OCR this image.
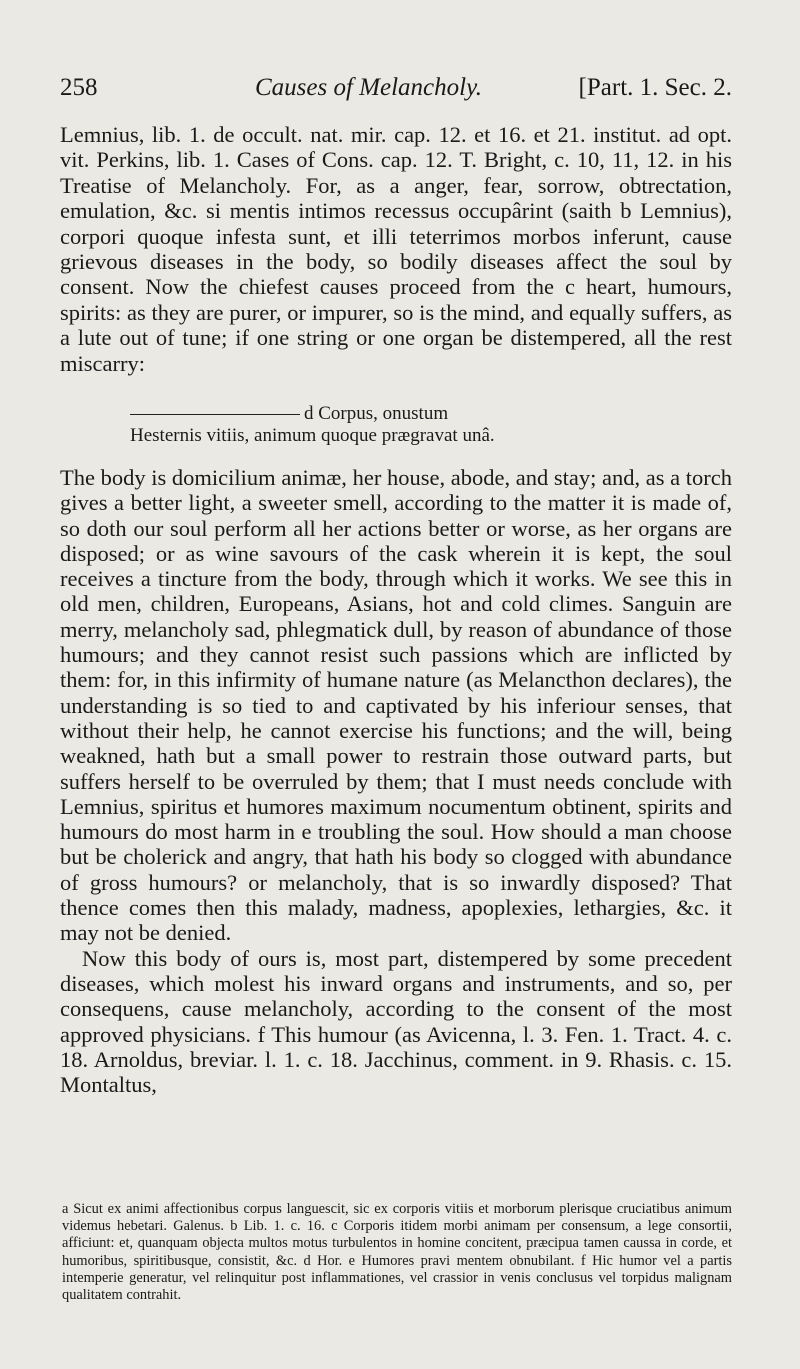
258	Causes of Melancholy.	[Part. 1. Sec. 2.

Lemnius, lib. 1. de occult. nat. mir. cap. 12. et 16. et 21. institut. ad opt. vit. Perkins, lib. 1. Cases of Cons. cap. 12. T. Bright, c. 10, 11, 12. in his Treatise of Melancholy. For, as a anger, fear, sorrow, obtrectation, emulation, &c. si mentis intimos recessus occupârint (saith b Lemnius), corpori quoque infesta sunt, et illi teterrimos morbos inferunt, cause grievous diseases in the body, so bodily diseases affect the soul by consent. Now the chiefest causes proceed from the c heart, humours, spirits: as they are purer, or impurer, so is the mind, and equally suffers, as a lute out of tune; if one string or one organ be distempered, all the rest miscarry:

d Corpus, onustum
Hesternis vitiis, animum quoque prægravat unâ.

The body is domicilium animæ, her house, abode, and stay; and, as a torch gives a better light, a sweeter smell, according to the matter it is made of, so doth our soul perform all her actions better or worse, as her organs are disposed; or as wine savours of the cask wherein it is kept, the soul receives a tincture from the body, through which it works. We see this in old men, children, Europeans, Asians, hot and cold climes. Sanguin are merry, melancholy sad, phlegmatick dull, by reason of abundance of those humours; and they cannot resist such passions which are inflicted by them: for, in this infirmity of humane nature (as Melancthon declares), the understanding is so tied to and captivated by his inferiour senses, that without their help, he cannot exercise his functions; and the will, being weakned, hath but a small power to restrain those outward parts, but suffers herself to be overruled by them; that I must needs conclude with Lemnius, spiritus et humores maximum nocumentum obtinent, spirits and humours do most harm in e troubling the soul. How should a man choose but be cholerick and angry, that hath his body so clogged with abundance of gross humours? or melancholy, that is so inwardly disposed? That thence comes then this malady, madness, apoplexies, lethargies, &c. it may not be denied.

Now this body of ours is, most part, distempered by some precedent diseases, which molest his inward organs and instruments, and so, per consequens, cause melancholy, according to the consent of the most approved physicians. f This humour (as Avicenna, l. 3. Fen. 1. Tract. 4. c. 18. Arnoldus, breviar. l. 1. c. 18. Jacchinus, comment. in 9. Rhasis. c. 15. Montaltus,

a Sicut ex animi affectionibus corpus languescit, sic ex corporis vitiis et morborum plerisque cruciatibus animum videmus hebetari. Galenus. b Lib. 1. c. 16. c Corporis itidem morbi animam per consensum, a lege consortii, afficiunt: et, quanquam objecta multos motus turbulentos in homine concitent, præcipua tamen caussa in corde, et humoribus, spiritibusque, consistit, &c. d Hor. e Humores pravi mentem obnubilant. f Hic humor vel a partis intemperie generatur, vel relinquitur post inflammationes, vel crassior in venis conclusus vel torpidus malignam qualitatem contrahit.
